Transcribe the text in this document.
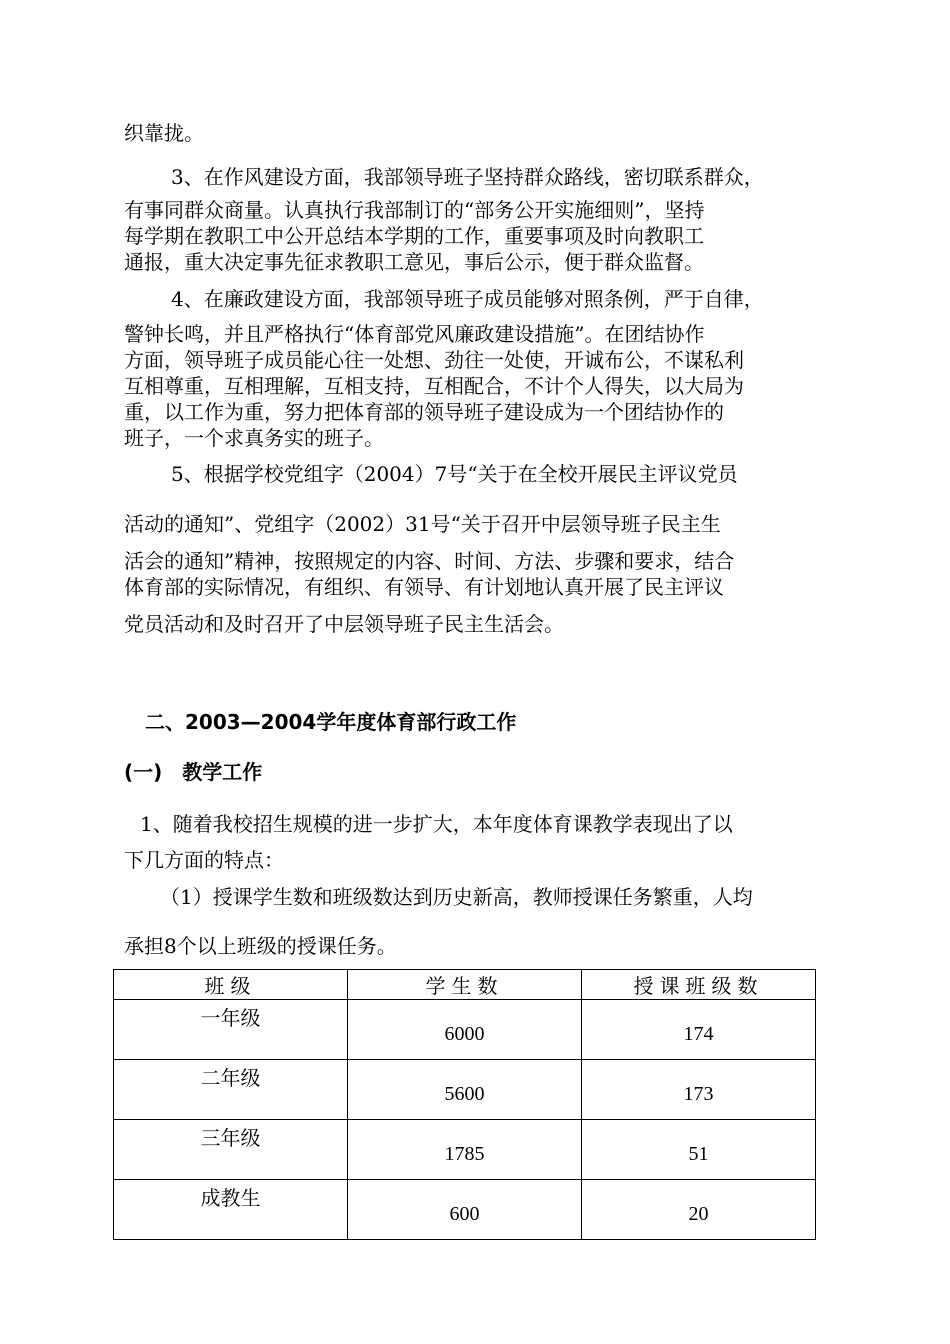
织靠拢。
3、在作风建设方面，我部领导班子坚持群众路线，密切联系群众，
有事同群众商量。认真执行我部制订的“部务公开实施细则”，坚持
每学期在教职工中公开总结本学期的工作，重要事项及时向教职工
通报，重大决定事先征求教职工意见，事后公示，便于群众监督。
4、在廉政建设方面，我部领导班子成员能够对照条例，严于自律，
警钟长鸣，并且严格执行“体育部党风廉政建设措施”。在团结协作
方面，领导班子成员能心往一处想、劲往一处使，开诚布公，不谋私利
互相尊重，互相理解，互相支持，互相配合，不计个人得失，以大局为
重，以工作为重，努力把体育部的领导班子建设成为一个团结协作的
班子，一个求真务实的班子。
5、根据学校党组字（2004）7号“关于在全校开展民主评议党员
活动的通知”、党组字（2002）31号“关于召开中层领导班子民主生
活会的通知”精神，按照规定的内容、时间、方法、步骤和要求，结合
体育部的实际情况，有组织、有领导、有计划地认真开展了民主评议
党员活动和及时召开了中层领导班子民主生活会。
二、2003—2004学年度体育部行政工作
(一)　教学工作
1、随着我校招生规模的进一步扩大，本年度体育课教学表现出了以
下几方面的特点：
（1）授课学生数和班级数达到历史新高，教师授课任务繁重，人均
承担8个以上班级的授课任务。
班级	学生数	授课班级数
一年级	6000	174
二年级	5600	173
三年级	1785	51
成教生	600	20
